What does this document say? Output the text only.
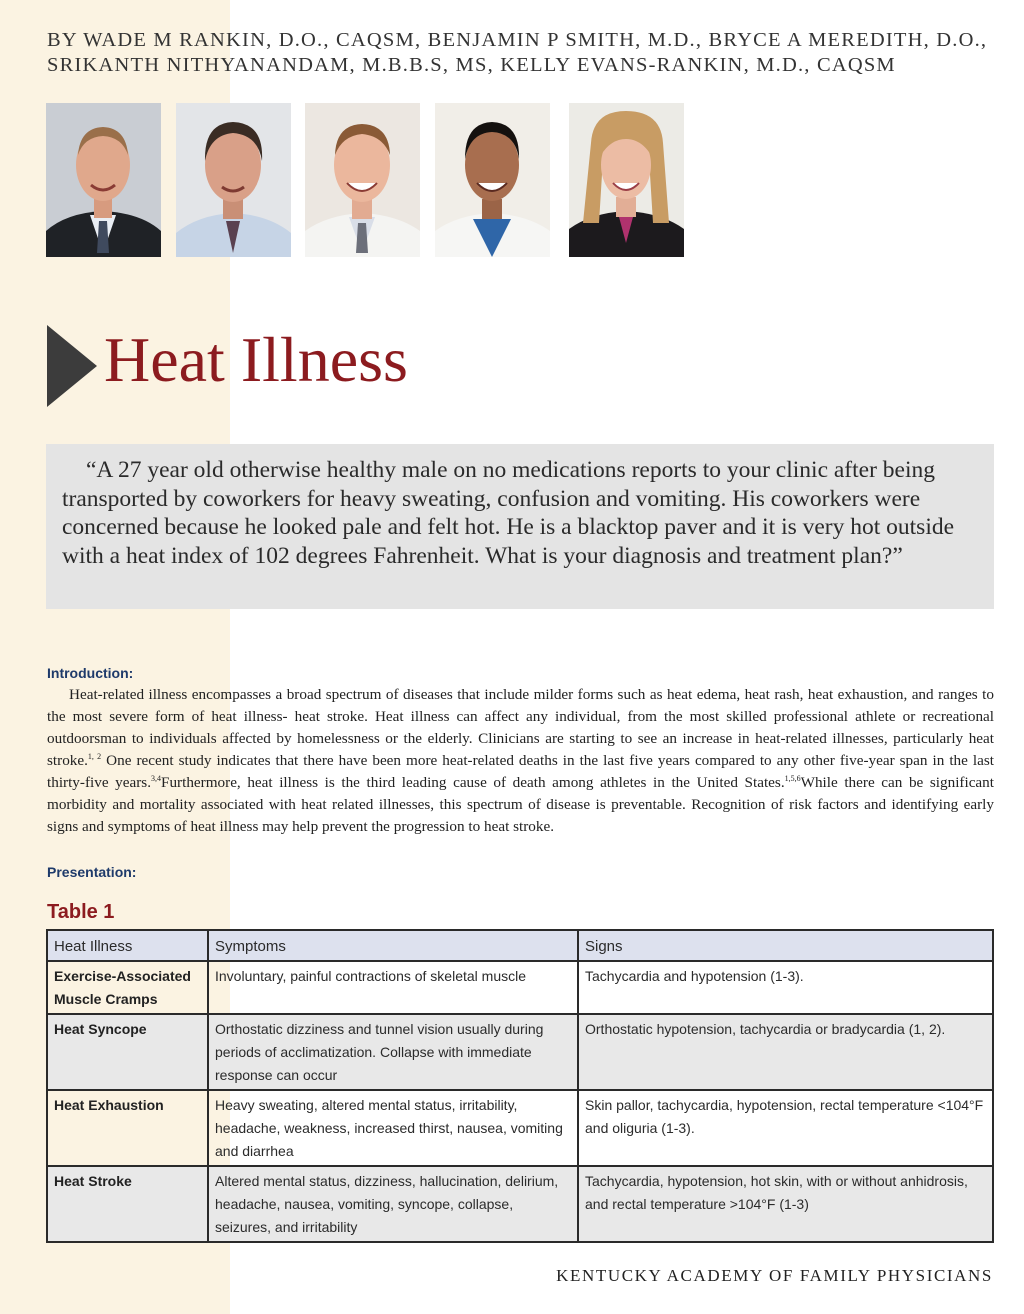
BY WADE M RANKIN, D.O., CAQSM, BENJAMIN P SMITH, M.D., BRYCE A MEREDITH, D.O.,
SRIKANTH NITHYANANDAM, M.B.B.S, MS, KELLY EVANS-RANKIN, M.D., CAQSM
Heat Illness

“A 27 year old otherwise healthy male on no medications reports to your clinic after being transported by coworkers for heavy sweating, confusion and vomiting. His coworkers were concerned because he looked pale and felt hot. He is a blacktop paver and it is very hot outside with a heat index of 102 degrees Fahrenheit. What is your diagnosis and treatment plan?”

Introduction:

Heat-related illness encompasses a broad spectrum of diseases that include milder forms such as heat edema, heat rash, heat exhaustion, and ranges to the most severe form of heat illness- heat stroke. Heat illness can affect any individual, from the most skilled professional athlete or recreational outdoorsman to individuals affected by homelessness or the elderly. Clinicians are starting to see an increase in heat-related illnesses, particularly heat stroke.$^{1, 2}$ One recent study indicates that there have been more heat-related deaths in the last five years compared to any other five-year span in the last thirty-five years.$^{3,4}$Furthermore, heat illness is the third leading cause of death among athletes in the United States.$^{1,5,6}$While there can be significant morbidity and mortality associated with heat related illnesses, this spectrum of disease is preventable. Recognition of risk factors and identifying early signs and symptoms of heat illness may help prevent the progression to heat stroke.

Presentation:
Table 1
Heat Illness	Symptoms	Signs
Exercise-Associated Muscle Cramps	Involuntary, painful contractions of skeletal muscle	Tachycardia and hypotension (1-3).
Heat Syncope	Orthostatic dizziness and tunnel vision usually during periods of acclimatization. Collapse with immediate response can occur	Orthostatic hypotension, tachycardia or bradycardia (1, 2).
Heat Exhaustion	Heavy sweating, altered mental status, irritability, headache, weakness, increased thirst, nausea, vomiting and diarrhea	Skin pallor, tachycardia, hypotension, rectal temperature <104°F and oliguria (1-3).
Heat Stroke	Altered mental status, dizziness, hallucination, delirium, headache, nausea, vomiting, syncope, collapse, seizures, and irritability	Tachycardia, hypotension, hot skin, with or without anhidrosis, and rectal temperature >104°F (1-3)
KENTUCKY ACADEMY OF FAMILY PHYSICIANS
